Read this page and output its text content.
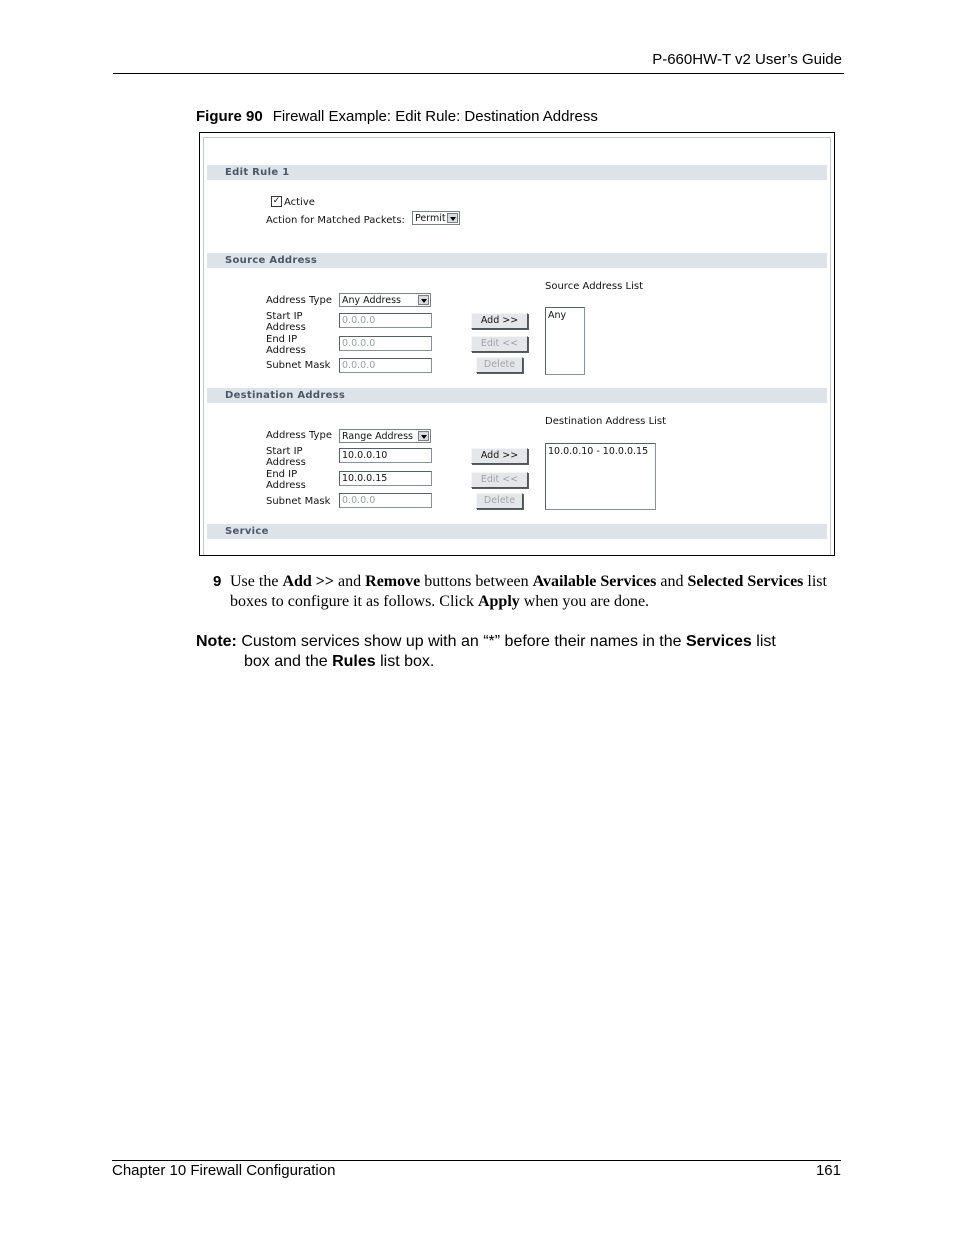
P-660HW-T v2 User’s Guide
Figure 90 Firewall Example: Edit Rule: Destination Address
Edit Rule 1
✓ Active
Action for Matched Packets: Permit
Source Address
Source Address List
Address Type Any Address
Start IP Address
0.0.0.0
End IP Address
0.0.0.0
Subnet Mask 0.0.0.0
Add >>
Edit <<
Delete
Any
Destination Address
Destination Address List
Address Type Range Address
Start IP Address
10.0.0.10
End IP Address
10.0.0.15
Subnet Mask 0.0.0.0
Add >>
Edit <<
Delete
10.0.0.10 - 10.0.0.15
Service
9 Use the Add >> and Remove buttons between Available Services and Selected Services list boxes to configure it as follows. Click Apply when you are done.
Note: Custom services show up with an “*” before their names in the Services list
box and the Rules list box.
Chapter 10 Firewall Configuration	161
